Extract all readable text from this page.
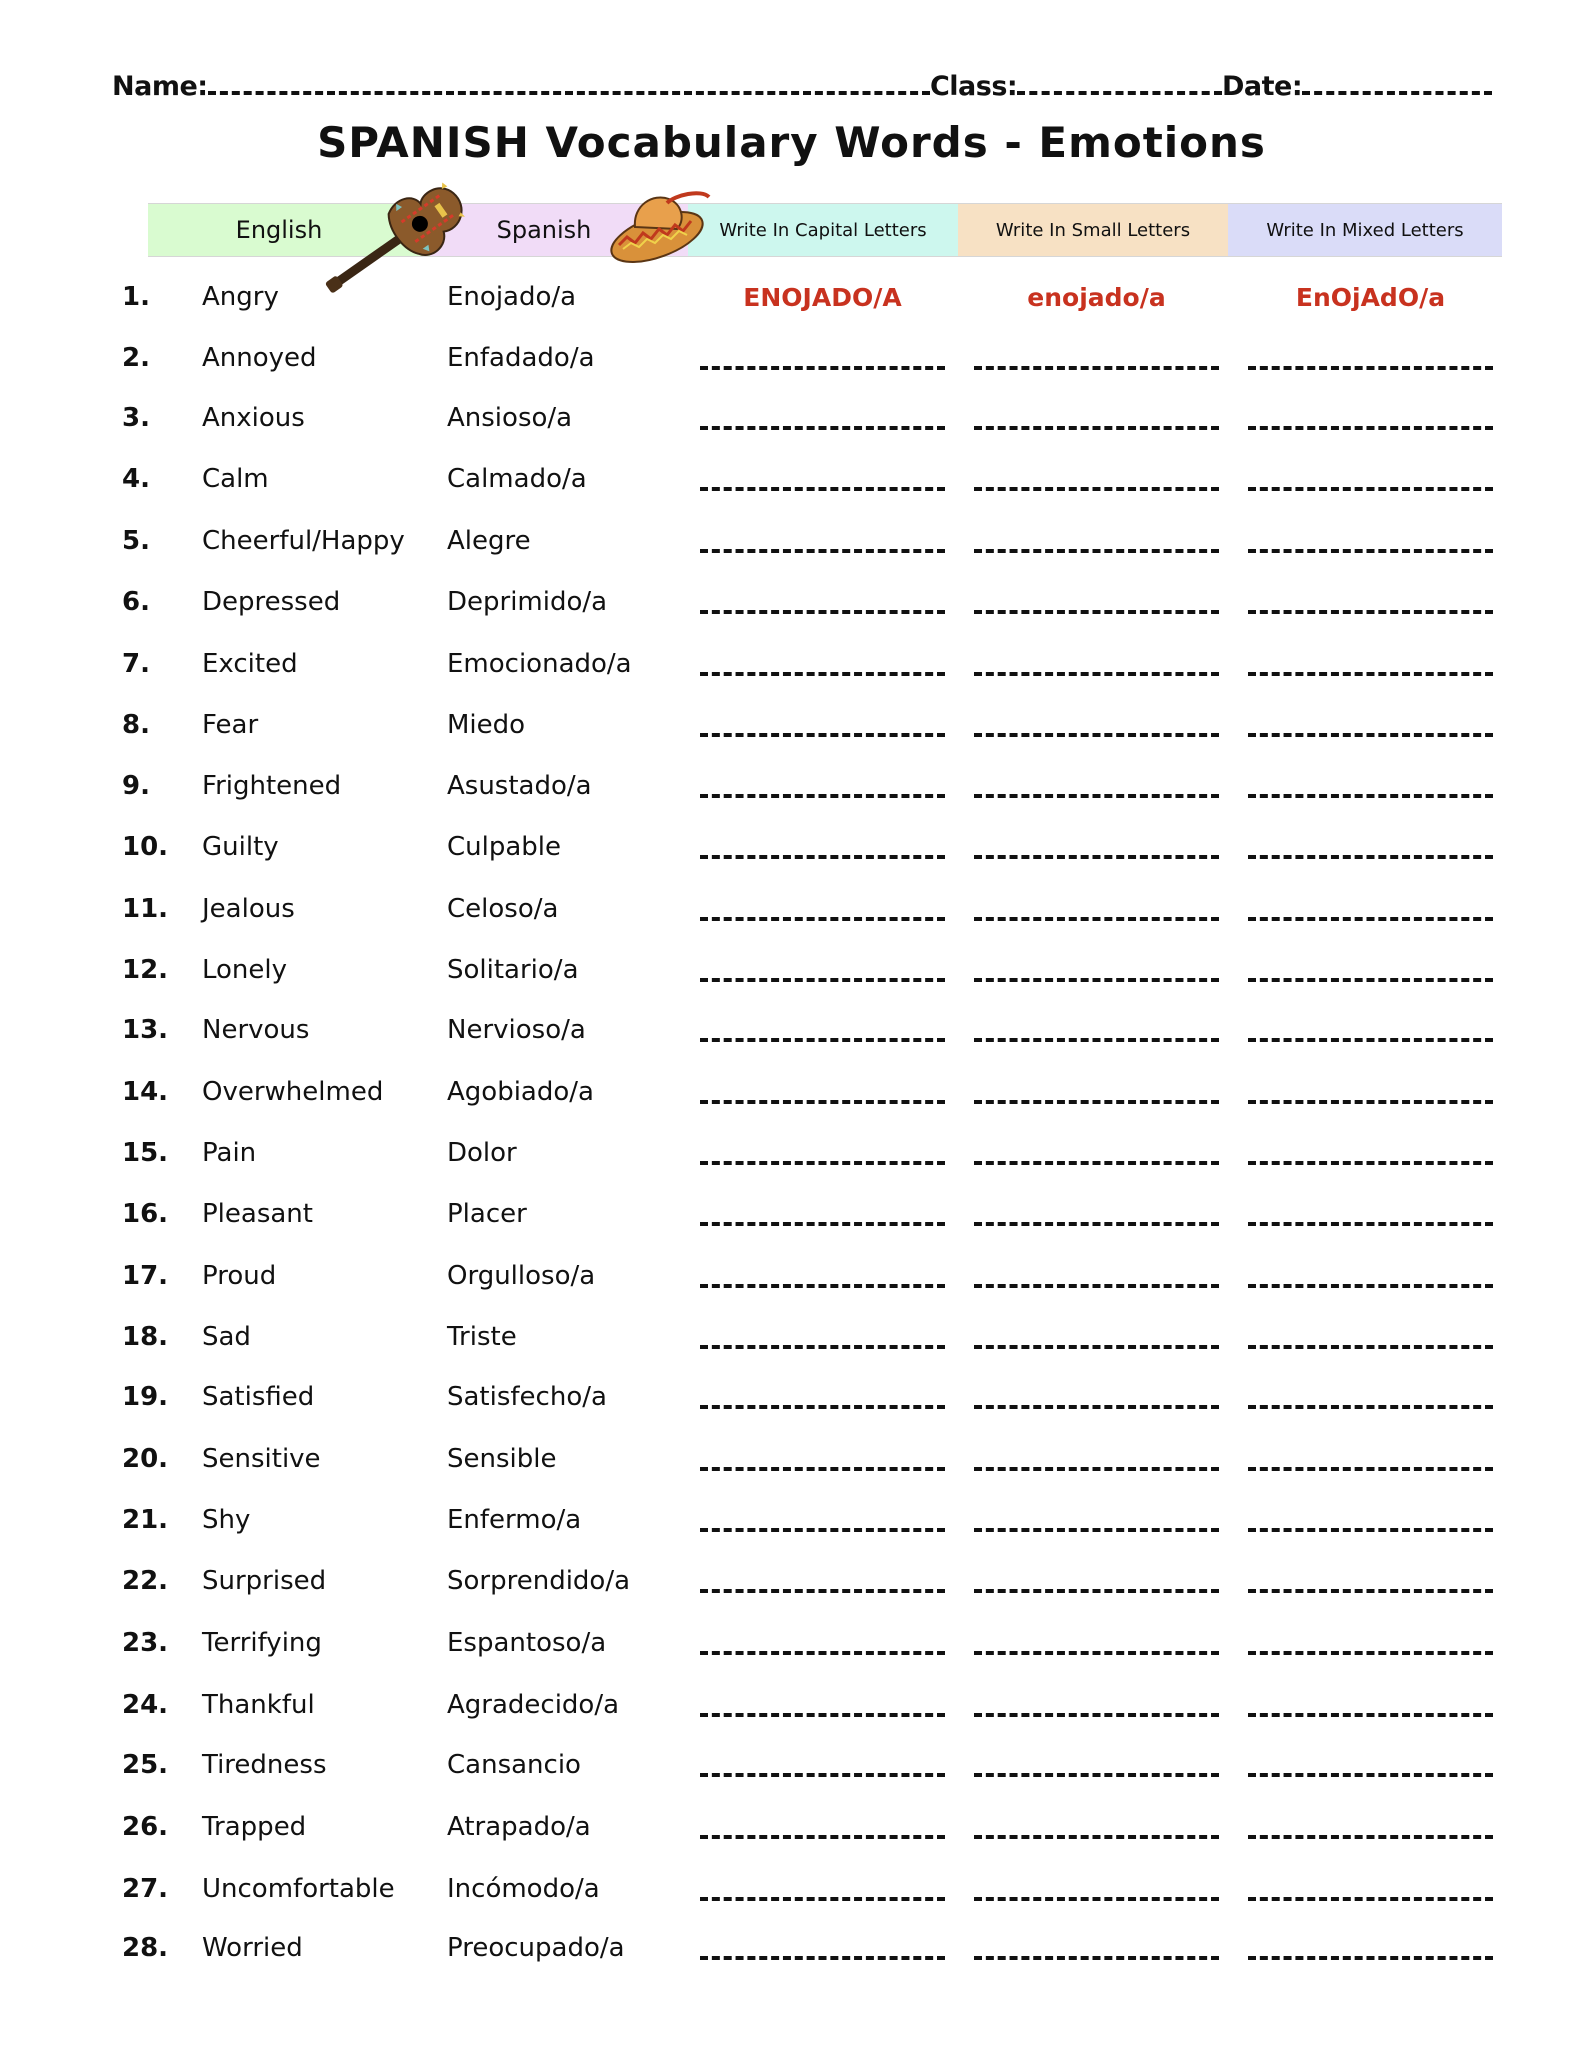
Name:	Class:	Date:
SPANISH Vocabulary Words - Emotions
English	Spanish	Write In Capital Letters	Write In Small Letters	Write In Mixed Letters
1.	Angry	Enojado/a	ENOJADO/A	enojado/a	EnOjAdO/a
2.	Annoyed	Enfadado/a
3.	Anxious	Ansioso/a
4.	Calm	Calmado/a
5.	Cheerful/Happy	Alegre
6.	Depressed	Deprimido/a
7.	Excited	Emocionado/a
8.	Fear	Miedo
9.	Frightened	Asustado/a
10.	Guilty	Culpable
11.	Jealous	Celoso/a
12.	Lonely	Solitario/a
13.	Nervous	Nervioso/a
14.	Overwhelmed	Agobiado/a
15.	Pain	Dolor
16.	Pleasant	Placer
17.	Proud	Orgulloso/a
18.	Sad	Triste
19.	Satisfied	Satisfecho/a
20.	Sensitive	Sensible
21.	Shy	Enfermo/a
22.	Surprised	Sorprendido/a
23.	Terrifying	Espantoso/a
24.	Thankful	Agradecido/a
25.	Tiredness	Cansancio
26.	Trapped	Atrapado/a
27.	Uncomfortable	Incómodo/a
28.	Worried	Preocupado/a
